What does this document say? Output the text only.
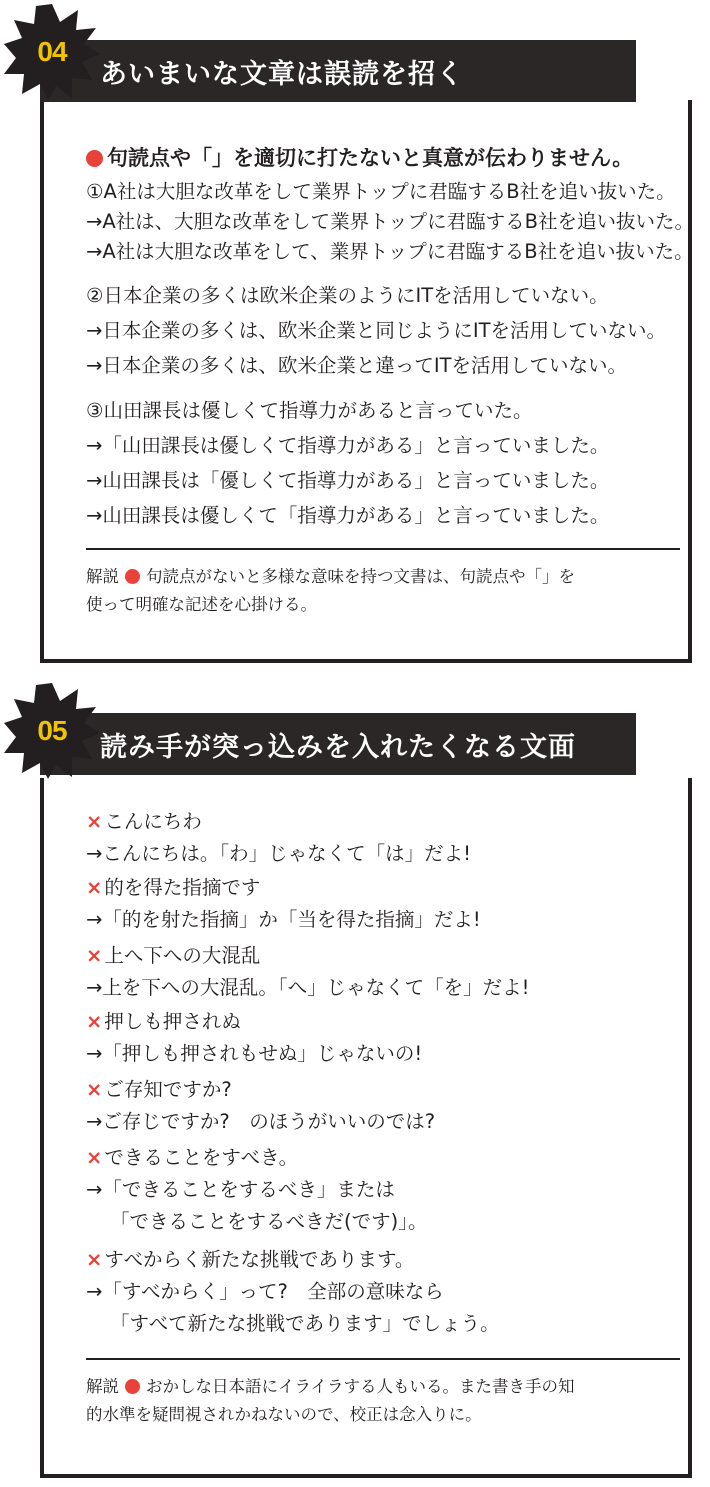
句読点や「」を適切に打たないと真意が伝わりません。
①A社は大胆な改革をして業界トップに君臨するB社を追い抜いた。
→A社は、大胆な改革をして業界トップに君臨するB社を追い抜いた。
→A社は大胆な改革をして、業界トップに君臨するB社を追い抜いた。
②日本企業の多くは欧米企業のようにITを活用していない。
→日本企業の多くは、欧米企業と同じようにITを活用していない。
→日本企業の多くは、欧米企業と違ってITを活用していない。
③山田課長は優しくて指導力があると言っていた。
→「山田課長は優しくて指導力がある」と言っていました。
→山田課長は「優しくて指導力がある」と言っていました。
→山田課長は優しくて「指導力がある」と言っていました。
解説 句読点がないと多様な意味を持つ文書は、句読点や「」を
使って明確な記述を心掛ける。
あいまいな文章は誤読を招く
04
× こんにちわ
→こんにちは。「わ」じゃなくて「は」だよ!
× 的を得た指摘です
→「的を射た指摘」か「当を得た指摘」だよ!
× 上へ下への大混乱
→上を下への大混乱。「へ」じゃなくて「を」だよ!
× 押しも押されぬ
→「押しも押されもせぬ」じゃないの!
× ご存知ですか?
→ご存じですか?　のほうがいいのでは?
× できることをすべき。
→「できることをするべき」または
「できることをするべきだ(です)」。
× すべからく新たな挑戦であります。
→「すべからく」って?　全部の意味なら
「すべて新たな挑戦であります」でしょう。
解説 おかしな日本語にイライラする人もいる。また書き手の知
的水準を疑問視されかねないので、校正は念入りに。
読み手が突っ込みを入れたくなる文面
05
